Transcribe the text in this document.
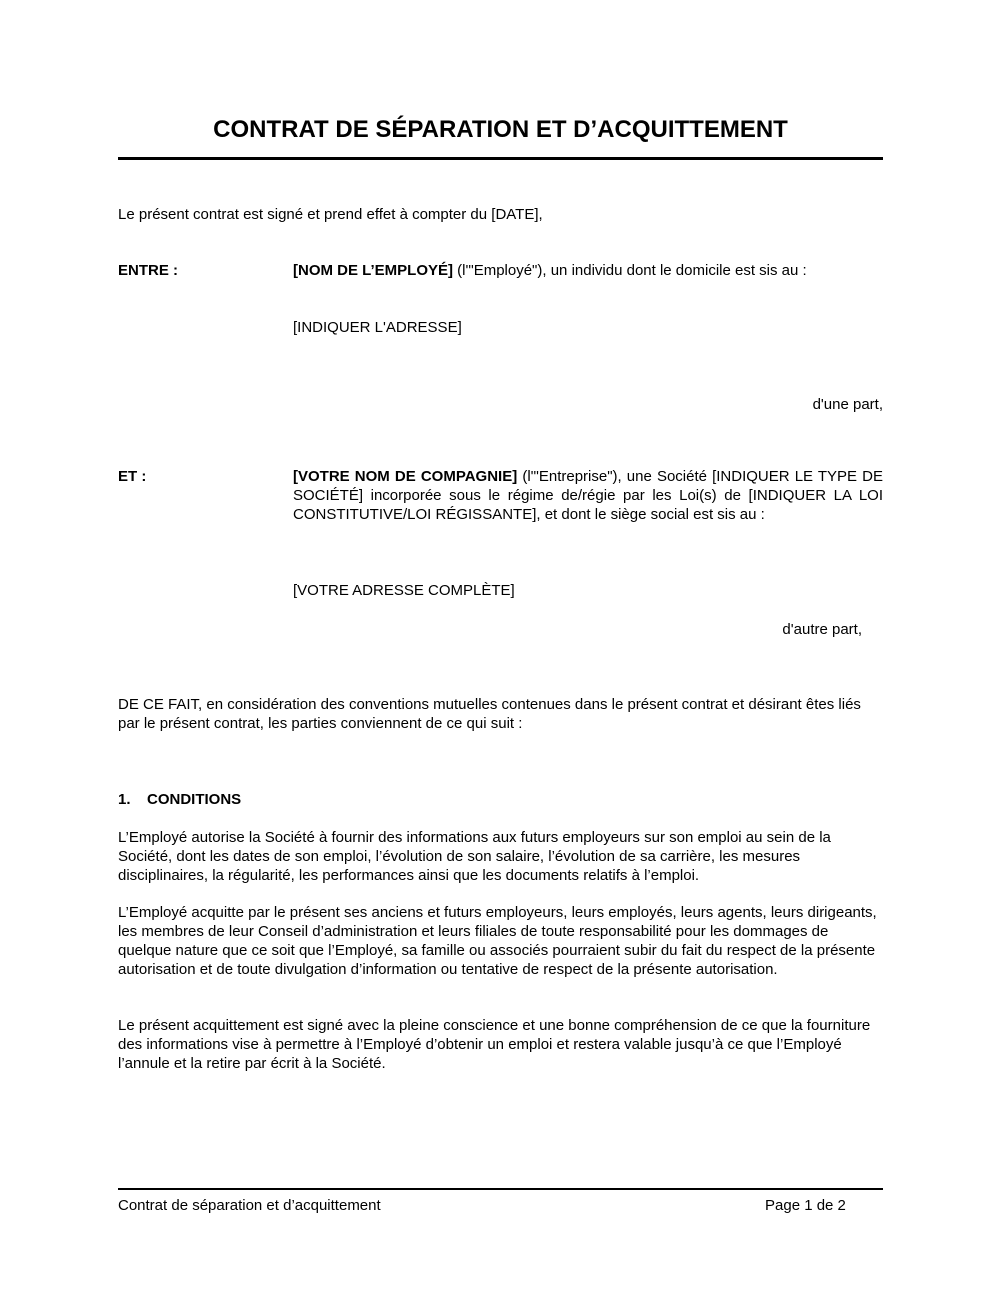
CONTRAT DE SÉPARATION ET D’ACQUITTEMENT

Le présent contrat est signé et prend effet à compter du [DATE],

ENTRE :	[NOM DE L’EMPLOYÉ] (l'"Employé"), un individu dont le domicile est sis au :

[INDIQUER L'ADRESSE]

d'une part,

ET :	[VOTRE NOM DE COMPAGNIE] (l'"Entreprise"), une Société [INDIQUER LE TYPE DE SOCIÉTÉ] incorporée sous le régime de/régie par les Loi(s) de [INDIQUER LA LOI CONSTITUTIVE/LOI RÉGISSANTE], et dont le siège social est sis au :

[VOTRE ADRESSE COMPLÈTE]

d'autre part,

DE CE FAIT, en considération des conventions mutuelles contenues dans le présent contrat et désirant êtes liés par le présent contrat, les parties conviennent de ce qui suit :

1. CONDITIONS

L’Employé autorise la Société à fournir des informations aux futurs employeurs sur son emploi au sein de la Société, dont les dates de son emploi, l’évolution de son salaire, l’évolution de sa carrière, les mesures disciplinaires, la régularité, les performances ainsi que les documents relatifs à l’emploi.

L’Employé acquitte par le présent ses anciens et futurs employeurs, leurs employés, leurs agents, leurs dirigeants, les membres de leur Conseil d’administration et leurs filiales de toute responsabilité pour les dommages de quelque nature que ce soit que l’Employé, sa famille ou associés pourraient subir du fait du respect de la présente autorisation et de toute divulgation d’information ou tentative de respect de la présente autorisation.

Le présent acquittement est signé avec la pleine conscience et une bonne compréhension de ce que la fourniture des informations vise à permettre à l’Employé d’obtenir un emploi et restera valable jusqu’à ce que l’Employé l’annule et la retire par écrit à la Société.

Contrat de séparation et d’acquittement	Page 1 de 2
